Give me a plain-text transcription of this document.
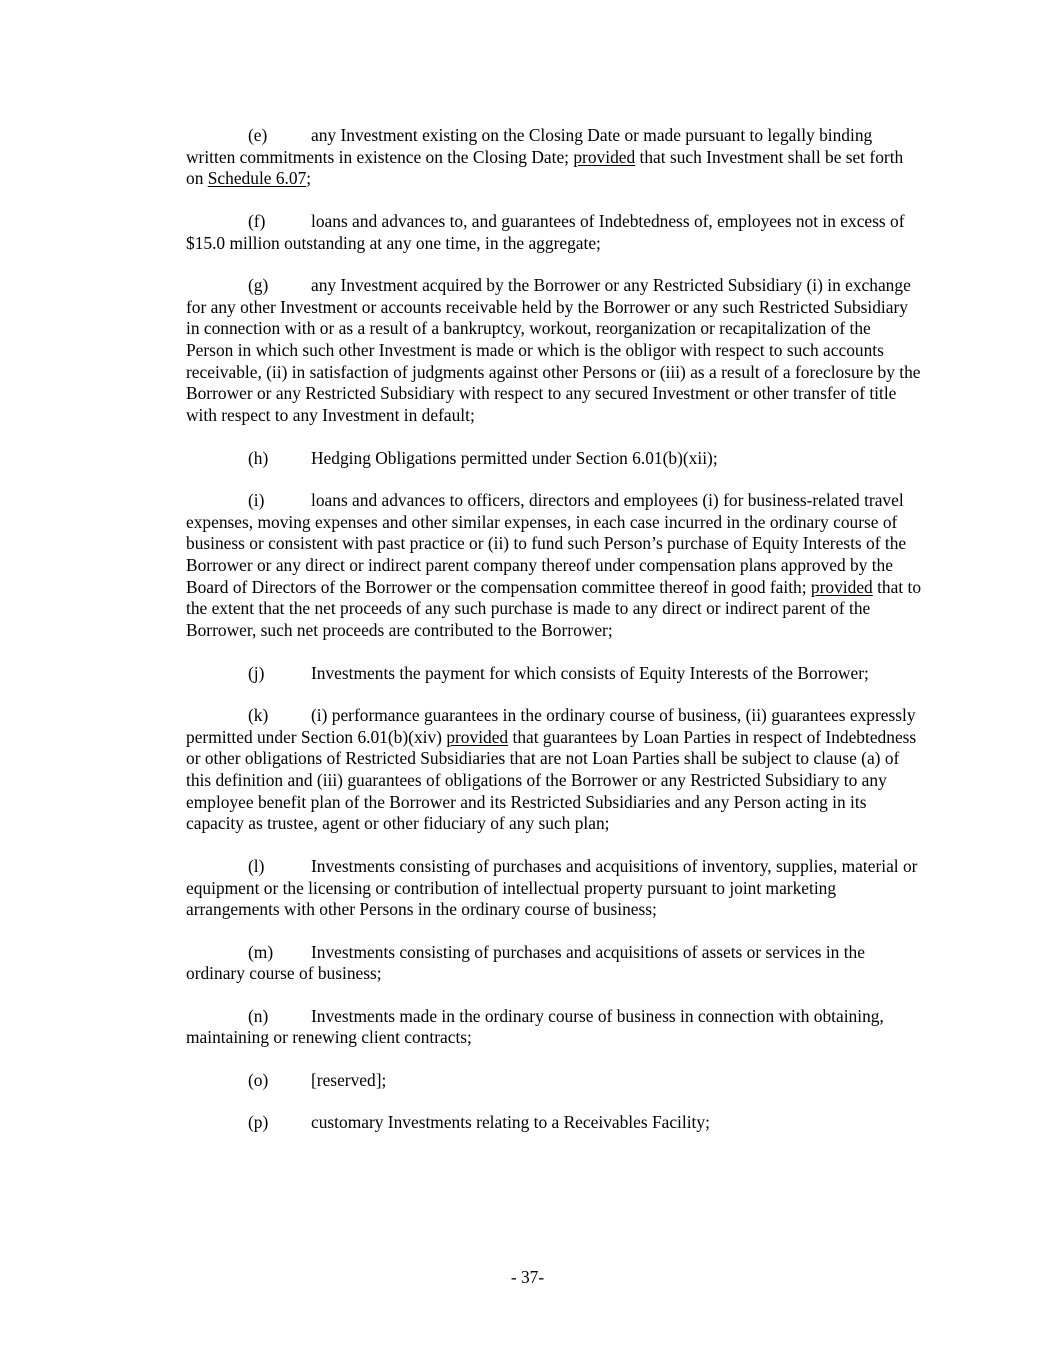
(e)	any Investment existing on the Closing Date or made pursuant to legally binding written commitments in existence on the Closing Date; provided that such Investment shall be set forth on Schedule 6.07;

(f)	loans and advances to, and guarantees of Indebtedness of, employees not in excess of $15.0 million outstanding at any one time, in the aggregate;

(g) any Investment acquired by the Borrower or any Restricted Subsidiary (i) in exchange for any other Investment or accounts receivable held by the Borrower or any such Restricted Subsidiary in connection with or as a result of a bankruptcy, workout, reorganization or recapitalization of the Person in which such other Investment is made or which is the obligor with respect to such accounts receivable, (ii) in satisfaction of judgments against other Persons or (iii) as a result of a foreclosure by the Borrower or any Restricted Subsidiary with respect to any secured Investment or other transfer of title with respect to any Investment in default;

(h) Hedging Obligations permitted under Section 6.01(b)(xii);

(i)	loans and advances to officers, directors and employees (i) for business-related travel expenses, moving expenses and other similar expenses, in each case incurred in the ordinary course of business or consistent with past practice or (ii) to fund such Person’s purchase of Equity Interests of the Borrower or any direct or indirect parent company thereof under compensation plans approved by the Board of Directors of the Borrower or the compensation committee thereof in good faith; provided that to the extent that the net proceeds of any such purchase is made to any direct or indirect parent of the Borrower, such net proceeds are contributed to the Borrower;

(j)	Investments the payment for which consists of Equity Interests of the Borrower;

(k) (i) performance guarantees in the ordinary course of business, (ii) guarantees expressly permitted under Section 6.01(b)(xiv) provided that guarantees by Loan Parties in respect of Indebtedness or other obligations of Restricted Subsidiaries that are not Loan Parties shall be subject to clause (a) of this definition and (iii) guarantees of obligations of the Borrower or any Restricted Subsidiary to any employee benefit plan of the Borrower and its Restricted Subsidiaries and any Person acting in its capacity as trustee, agent or other fiduciary of any such plan;

(l)	Investments consisting of purchases and acquisitions of inventory, supplies, material or equipment or the licensing or contribution of intellectual property pursuant to joint marketing arrangements with other Persons in the ordinary course of business;

(m) Investments consisting of purchases and acquisitions of assets or services in the ordinary course of business;

(n) Investments made in the ordinary course of business in connection with obtaining, maintaining or renewing client contracts;

(o) [reserved];

(p) customary Investments relating to a Receivables Facility;

- 37-
